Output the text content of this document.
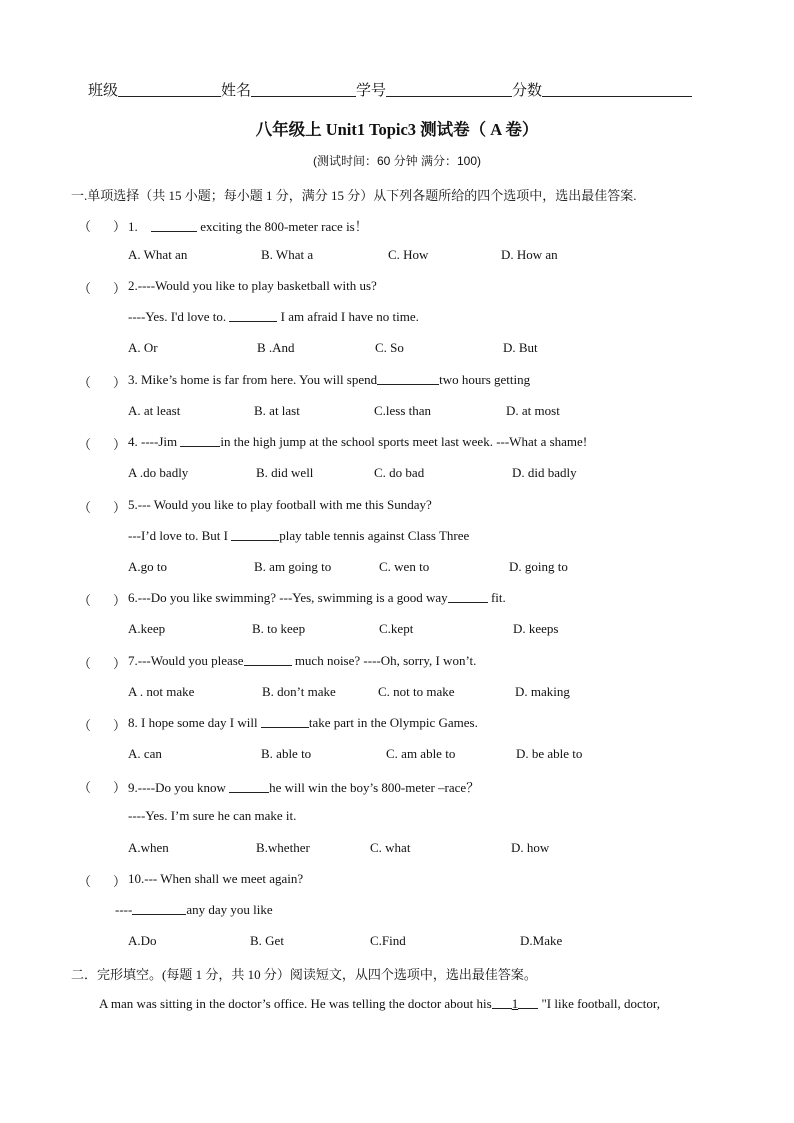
班级	姓名	学号	分数
八年级上 Unit1 Topic3 测试卷（ A 卷）
(测试时间：60 分钟 满分：100)
一.单项选择（共 15 小题；每小题 1 分，满分 15 分）从下列各题所给的四个选项中，选出最佳答案.
（ ） 1.	exciting the 800-meter race is！
A. What an	B. What a	C. How	D. How an
（ ） 2.----Would you like to play basketball with us?
----Yes. I'd love to.	I am afraid I have no time.
A. Or	B .And	C. So	D. But
（ ） 3. Mike’s home is far from here. You will spend	two hours getting
A. at least	B. at last	C.less than	D. at most
（ ） 4. ----Jim	in the high jump at the school sports meet last week. ---What a shame!
A .do badly	B. did well	C. do bad	D. did badly
（ ） 5.--- Would you like to play football with me this Sunday?
---I’d love to. But I	play table tennis against Class Three
A.go to	B. am going to	C. wen to	D. going to
（ ） 6.---Do you like swimming? ---Yes, swimming is a good way	fit.
A.keep	B. to keep	C.kept	D. keeps
（ ） 7.---Would you please	much noise? ----Oh, sorry, I won’t.
A . not make	B. don’t make	C. not to make	D. making
（ ） 8. I hope some day I will	take part in the Olympic Games.
A. can	B. able to	C. am able to	D. be able to
（ ） 9.----Do you know	he will win the boy’s 800-meter –race？
----Yes. I’m sure he can make it.
A.when	B.whether	C. what	D. how
（ ） 10.--- When shall we meet again?
----	any day you like
A.Do	B. Get	C.Find	D.Make
二．完形填空。(每题 1 分，共 10 分）阅读短文，从四个选项中，选出最佳答案。
A man was sitting in the doctor’s office. He was telling the doctor about his 1 "I like football, doctor,
